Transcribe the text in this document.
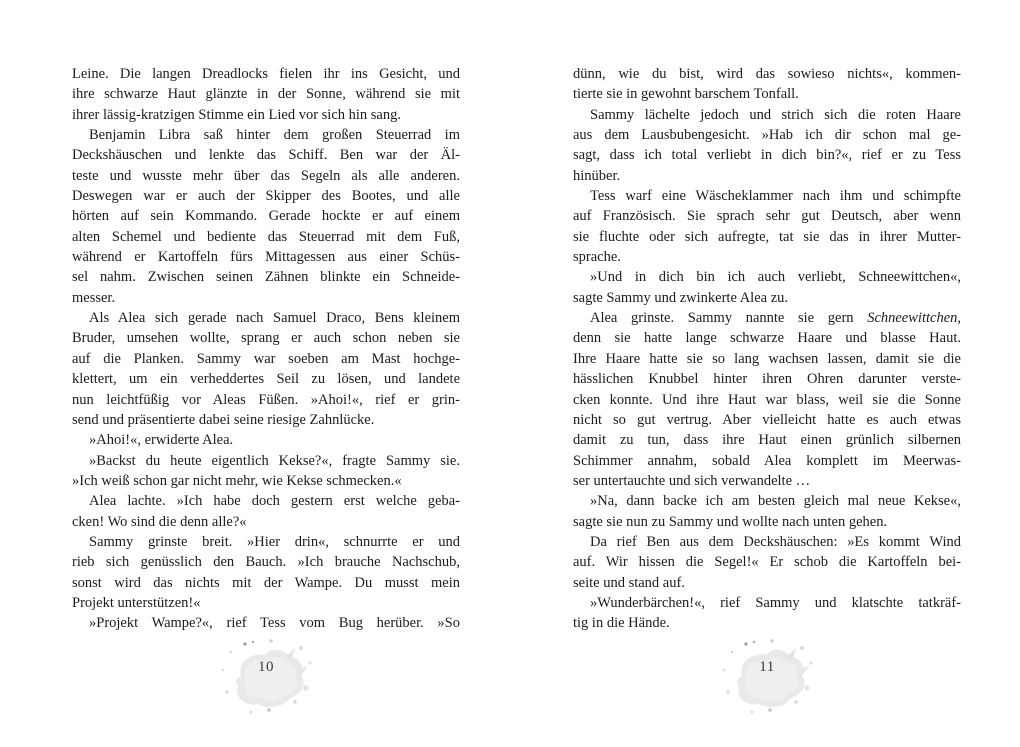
Leine. Die langen Dreadlocks fielen ihr ins Gesicht, und
ihre schwarze Haut glänzte in der Sonne, während sie mit
ihrer lässig-kratzigen Stimme ein Lied vor sich hin sang.
Benjamin Libra saß hinter dem großen Steuerrad im
Deckshäuschen und lenkte das Schiff. Ben war der Äl-
teste und wusste mehr über das Segeln als alle anderen.
Deswegen war er auch der Skipper des Bootes, und alle
hörten auf sein Kommando. Gerade hockte er auf einem
alten Schemel und bediente das Steuerrad mit dem Fuß,
während er Kartoffeln fürs Mittagessen aus einer Schüs-
sel nahm. Zwischen seinen Zähnen blinkte ein Schneide-
messer.
Als Alea sich gerade nach Samuel Draco, Bens kleinem
Bruder, umsehen wollte, sprang er auch schon neben sie
auf die Planken. Sammy war soeben am Mast hochge-
klettert, um ein verheddertes Seil zu lösen, und landete
nun leichtfüßig vor Aleas Füßen. »Ahoi!«, rief er grin-
send und präsentierte dabei seine riesige Zahnlücke.
»Ahoi!«, erwiderte Alea.
»Backst du heute eigentlich Kekse?«, fragte Sammy sie.
»Ich weiß schon gar nicht mehr, wie Kekse schmecken.«
Alea lachte. »Ich habe doch gestern erst welche geba-
cken! Wo sind die denn alle?«
Sammy grinste breit. »Hier drin«, schnurrte er und
rieb sich genüsslich den Bauch. »Ich brauche Nachschub,
sonst wird das nichts mit der Wampe. Du musst mein
Projekt unterstützen!«
»Projekt Wampe?«, rief Tess vom Bug herüber. »So
10
dünn, wie du bist, wird das sowieso nichts«, kommen-
tierte sie in gewohnt barschem Tonfall.
Sammy lächelte jedoch und strich sich die roten Haare
aus dem Lausbubengesicht. »Hab ich dir schon mal ge-
sagt, dass ich total verliebt in dich bin?«, rief er zu Tess
hinüber.
Tess warf eine Wäscheklammer nach ihm und schimpfte
auf Französisch. Sie sprach sehr gut Deutsch, aber wenn
sie fluchte oder sich aufregte, tat sie das in ihrer Mutter-
sprache.
»Und in dich bin ich auch verliebt, Schneewittchen«,
sagte Sammy und zwinkerte Alea zu.
Alea grinste. Sammy nannte sie gern Schneewittchen,
denn sie hatte lange schwarze Haare und blasse Haut.
Ihre Haare hatte sie so lang wachsen lassen, damit sie die
hässlichen Knubbel hinter ihren Ohren darunter verste-
cken konnte. Und ihre Haut war blass, weil sie die Sonne
nicht so gut vertrug. Aber vielleicht hatte es auch etwas
damit zu tun, dass ihre Haut einen grünlich silbernen
Schimmer annahm, sobald Alea komplett im Meerwas-
ser untertauchte und sich verwandelte …
»Na, dann backe ich am besten gleich mal neue Kekse«,
sagte sie nun zu Sammy und wollte nach unten gehen.
Da rief Ben aus dem Deckshäuschen: »Es kommt Wind
auf. Wir hissen die Segel!« Er schob die Kartoffeln bei-
seite und stand auf.
»Wunderbärchen!«, rief Sammy und klatschte tatkräf-
tig in die Hände.
11
